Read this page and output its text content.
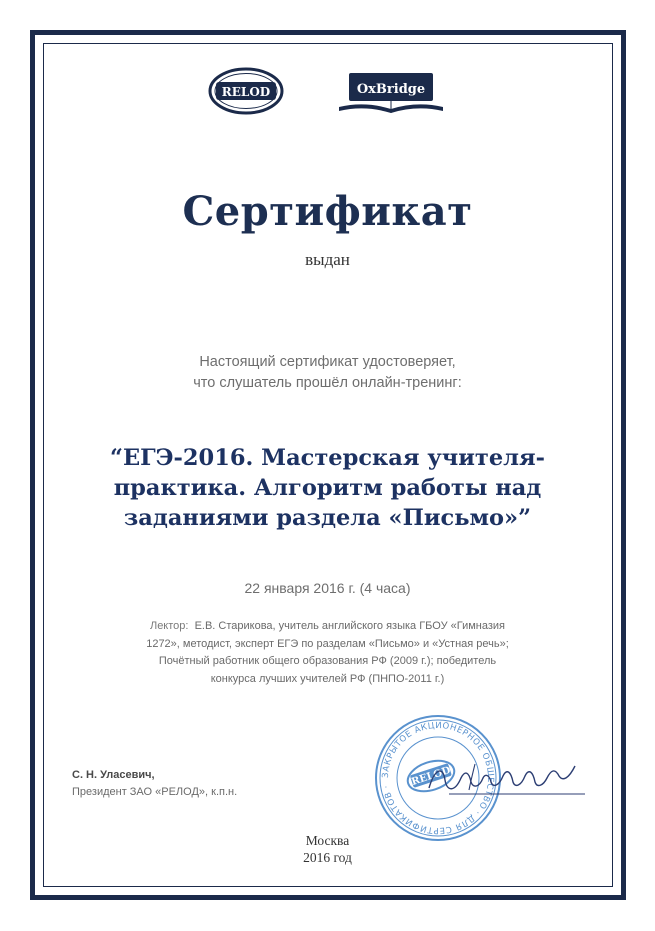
RELOD	OxBridge
Сертификат
выдан
Настоящий сертификат удостоверяет,
что слушатель прошёл онлайн-тренинг:
“ЕГЭ-2016. Мастерская учителя-
практика. Алгоритм работы над
заданиями раздела «Письмо»”
22 января 2016 г. (4 часа)
Лектор: Е.В. Старикова, учитель английского языка ГБОУ «Гимназия
1272», методист, эксперт ЕГЭ по разделам «Письмо» и «Устная речь»;
Почётный работник общего образования РФ (2009 г.); победитель
конкурса лучших учителей РФ (ПНПО-2011 г.)
С. Н. Уласевич,
Президент ЗАО «РЕЛОД», к.п.н.
ЗАКРЫТОЕ АКЦИОНЕРНОЕ ОБЩЕСТВО · ДЛЯ СЕРТИФИКАТОВ ·	RELOD
Москва
2016 год
